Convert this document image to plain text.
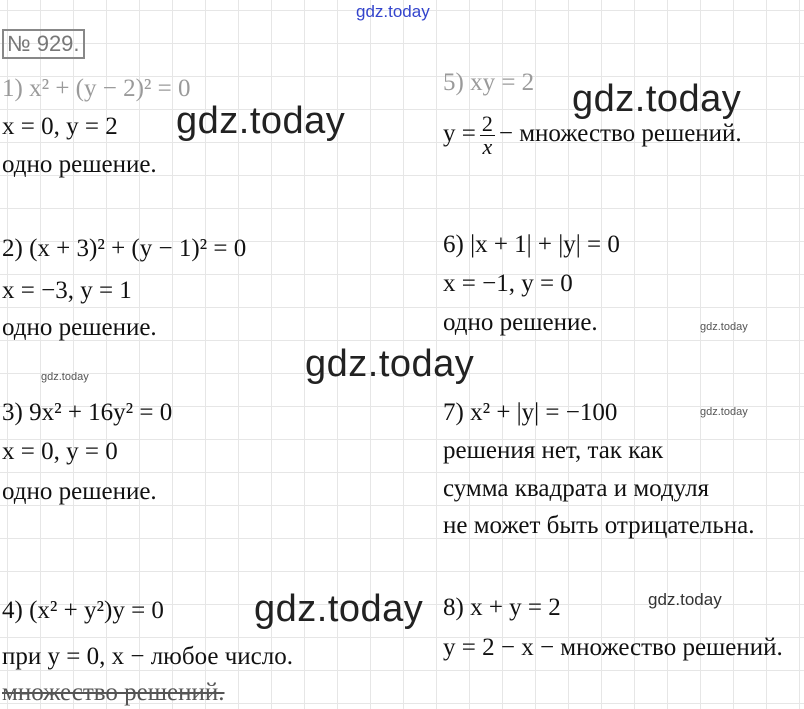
gdz.today
gdz.today
gdz.today
gdz.today
gdz.today	gdz.today
gdz.today
gdz.today
gdz.today
№ 929.
1) x² + (y − 2)² = 0
x = 0, y = 2
одно решение.
2) (x + 3)² + (y − 1)² = 0
x = −3, y = 1
одно решение.
3) 9x² + 16y² = 0
x = 0, y = 0
одно решение.
4) (x² + y²)y = 0
при y = 0, x − любое число.
множество решений.
5) xy = 2
$y = \frac{2}{x}$ − множество решений.
6) |x + 1| + |y| = 0
x = −1, y = 0
одно решение.
7) x² + |y| = −100
решения нет, так как
сумма квадрата и модуля
не может быть отрицательна.
8) x + y = 2
y = 2 − x − множество решений.
